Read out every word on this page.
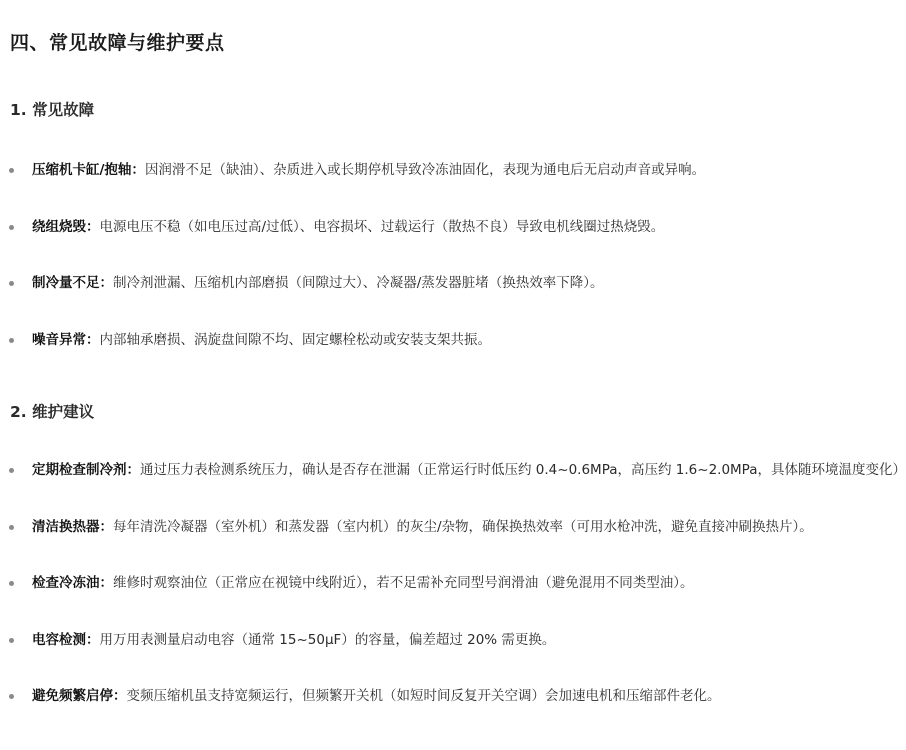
四、常见故障与维护要点
1. 常见故障
压缩机卡缸/抱轴：因润滑不足（缺油）、杂质进入或长期停机导致冷冻油固化，表现为通电后无启动声音或异响。
绕组烧毁：电源电压不稳（如电压过高/过低）、电容损坏、过载运行（散热不良）导致电机线圈过热烧毁。
制冷量不足：制冷剂泄漏、压缩机内部磨损（间隙过大）、冷凝器/蒸发器脏堵（换热效率下降）。
噪音异常：内部轴承磨损、涡旋盘间隙不均、固定螺栓松动或安装支架共振。
2. 维护建议
定期检查制冷剂：通过压力表检测系统压力，确认是否存在泄漏（正常运行时低压约 0.4~0.6MPa，高压约 1.6~2.0MPa，具体随环境温度变化）
清洁换热器：每年清洗冷凝器（室外机）和蒸发器（室内机）的灰尘/杂物，确保换热效率（可用水枪冲洗，避免直接冲刷换热片）。
检查冷冻油：维修时观察油位（正常应在视镜中线附近），若不足需补充同型号润滑油（避免混用不同类型油）。
电容检测：用万用表测量启动电容（通常 15~50μF）的容量，偏差超过 20% 需更换。
避免频繁启停：变频压缩机虽支持宽频运行，但频繁开关机（如短时间反复开关空调）会加速电机和压缩部件老化。
